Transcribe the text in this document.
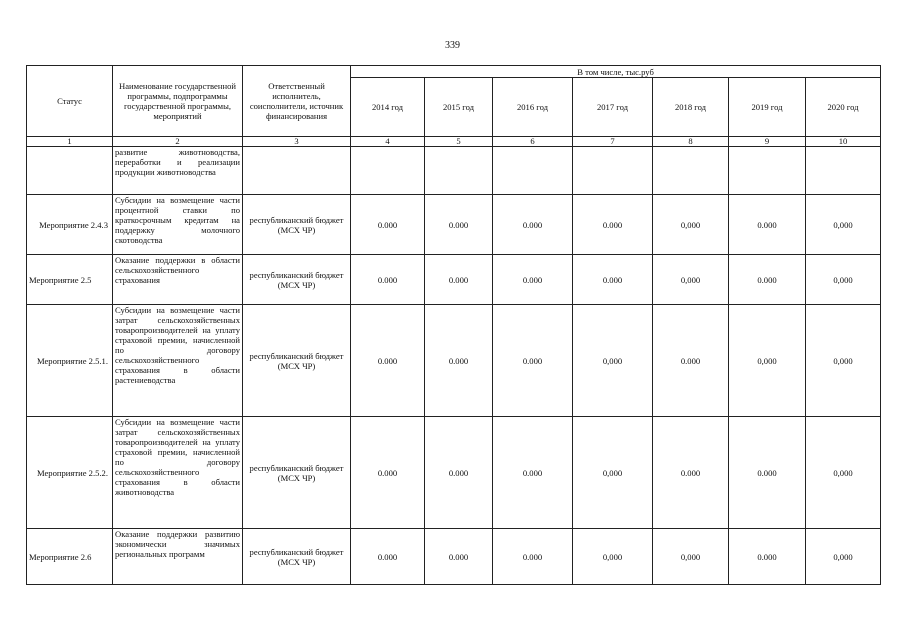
339
Статус	Наименование государственной программы, подпрограммы государственной программы, мероприятий	Ответственный исполнитель, соисполнители, источник финансирования	В том числе, тыс.руб						
			2014 год	2015 год	2016 год	2017 год	2018 год	2019 год	2020 год
1	2	3	4	5	6	7	8	9	10
	развитие животноводства, переработки и реализации продукции животноводства								
Мероприятие 2.4.3	Субсидии на возмещение части процентной ставки по краткосрочным кредитам на поддержку молочного скотоводства	республиканский бюджет (МСХ ЧР)	0.000	0.000	0.000	0.000	0,000	0.000	0,000
Мероприятие 2.5	Оказание поддержки в области сельскохозяйственного страхования	республиканский бюджет (МСХ ЧР)	0.000	0.000	0.000	0.000	0,000	0.000	0,000
Мероприятие 2.5.1.	Субсидии на возмещение части затрат сельскохозяйственных товаропроизводителей на уплату страховой премии, начисленной по договору сельскохозяйственного страхования в области растениеводства	республиканский бюджет (МСХ ЧР)	0.000	0.000	0.000	0,000	0.000	0,000	0,000
Мероприятие 2.5.2.	Субсидии на возмещение части затрат сельскохозяйственных товаропроизводителей на уплату страховой премии, начисленной по договору сельскохозяйственного страхования в области животноводства	республиканский бюджет (МСХ ЧР)	0.000	0.000	0.000	0,000	0.000	0.000	0,000
Мероприятие 2.6	Оказание поддержки развитию экономически значимых региональных программ	республиканский бюджет (МСХ ЧР)	0.000	0.000	0.000	0,000	0,000	0.000	0,000
